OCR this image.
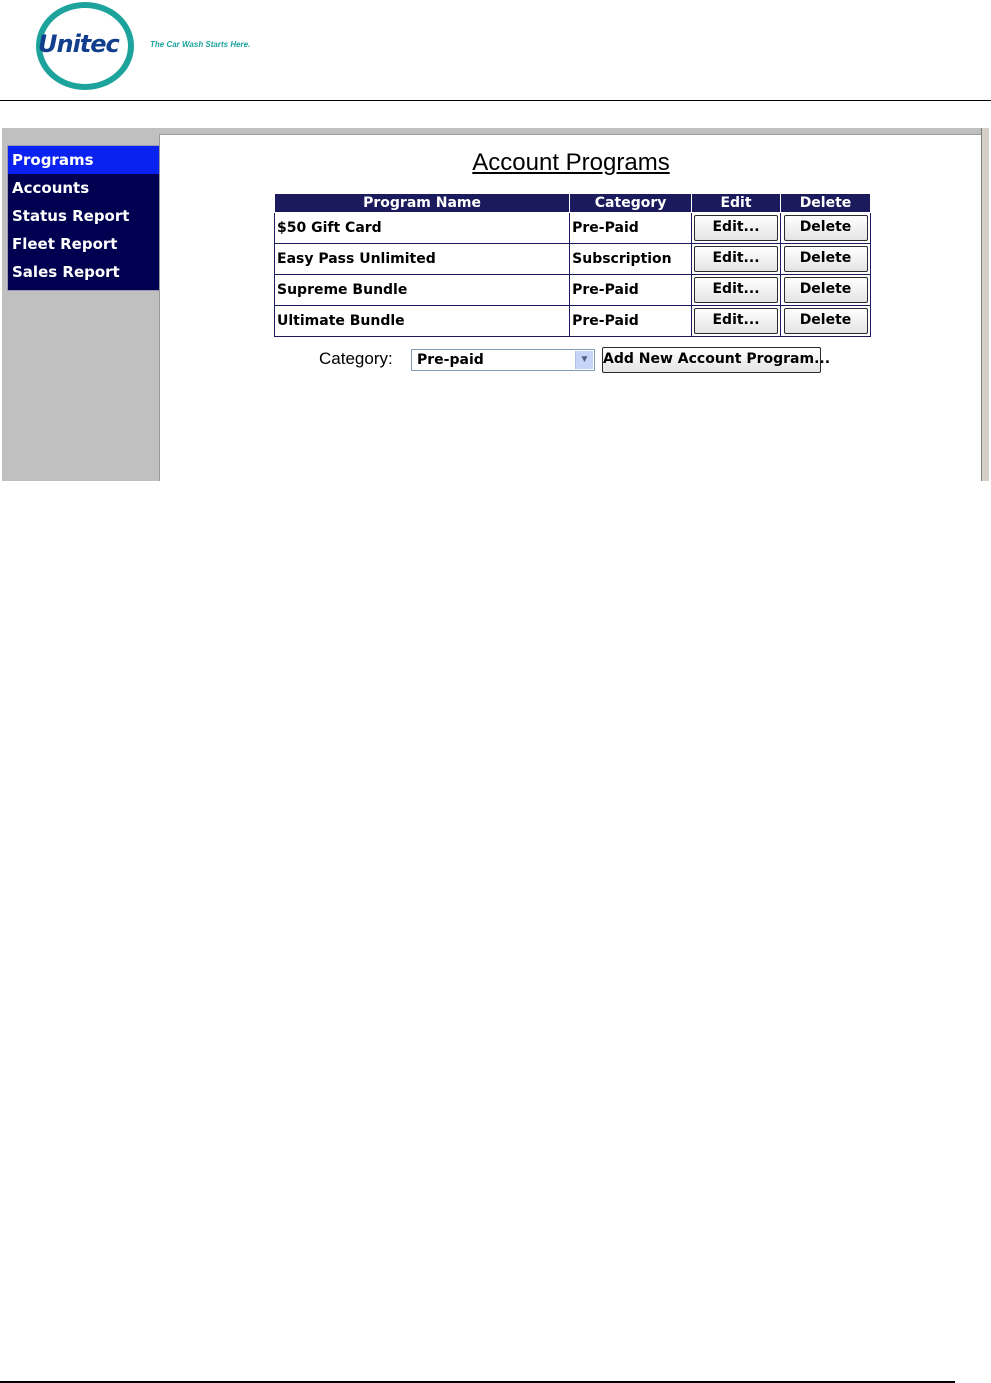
Unitec	The Car Wash Starts Here.
Programs
Accounts
Status Report
Fleet Report
Sales Report
Account Programs
Program Name	Category	Edit	Delete
$50 Gift Card	Pre-Paid	Edit...	Delete
Easy Pass Unlimited	Subscription	Edit...	Delete
Supreme Bundle	Pre-Paid	Edit...	Delete
Ultimate Bundle	Pre-Paid	Edit...	Delete
Category: Pre-paid	▼ Add New Account Program...
